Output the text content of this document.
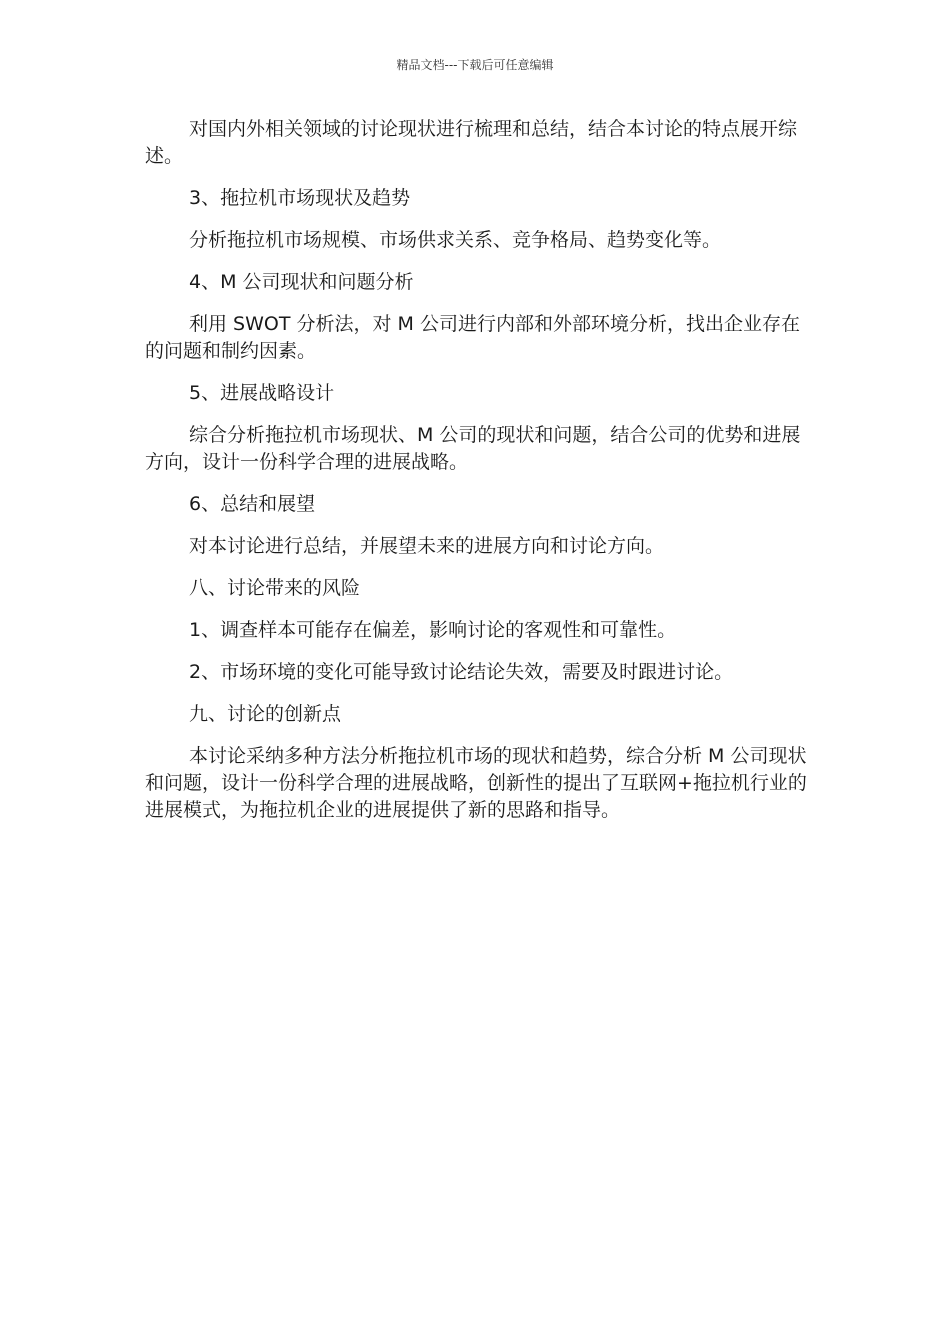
精品文档---下载后可任意编辑

对国内外相关领域的讨论现状进行梳理和总结，结合本讨论的特点展开综述。

3、拖拉机市场现状及趋势

分析拖拉机市场规模、市场供求关系、竞争格局、趋势变化等。

4、M 公司现状和问题分析

利用 SWOT 分析法，对 M 公司进行内部和外部环境分析，找出企业存在的问题和制约因素。

5、进展战略设计

综合分析拖拉机市场现状、M 公司的现状和问题，结合公司的优势和进展方向，设计一份科学合理的进展战略。

6、总结和展望

对本讨论进行总结，并展望未来的进展方向和讨论方向。

八、讨论带来的风险

1、调查样本可能存在偏差，影响讨论的客观性和可靠性。

2、市场环境的变化可能导致讨论结论失效，需要及时跟进讨论。

九、讨论的创新点

本讨论采纳多种方法分析拖拉机市场的现状和趋势，综合分析 M 公司现状和问题，设计一份科学合理的进展战略，创新性的提出了互联网+拖拉机行业的进展模式，为拖拉机企业的进展提供了新的思路和指导。
